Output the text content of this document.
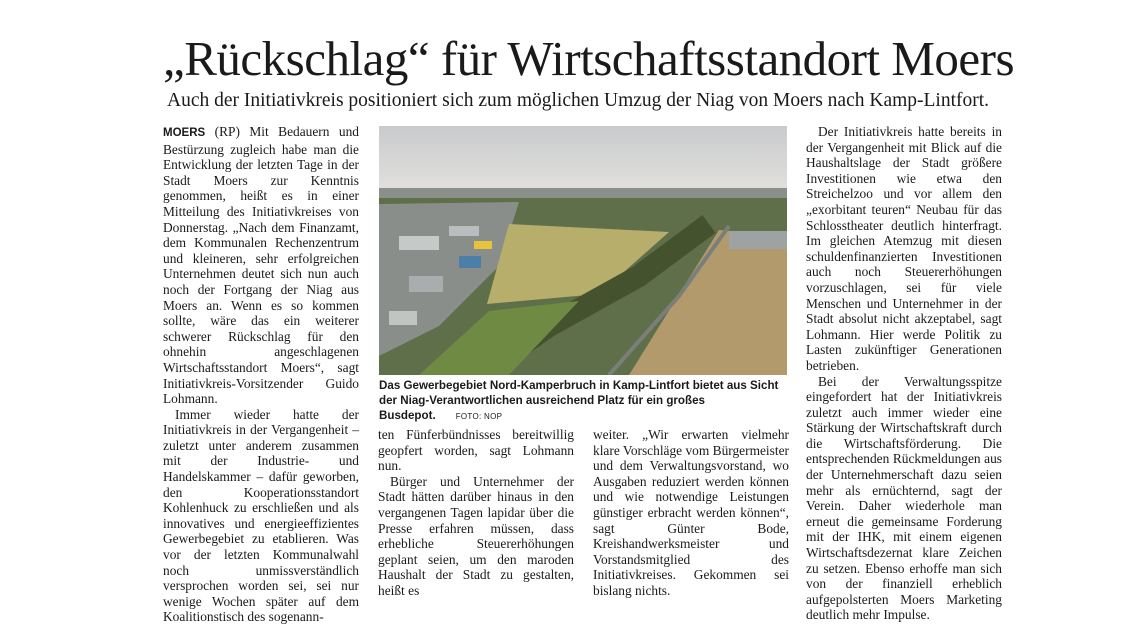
„Rückschlag“ für Wirtschaftsstandort Moers
Auch der Initiativkreis positioniert sich zum möglichen Umzug der Niag von Moers nach Kamp-Lintfort.

MOERS (RP) Mit Bedauern und Bestürzung zugleich habe man die Entwicklung der letzten Tage in der Stadt Moers zur Kenntnis genommen, heißt es in einer Mitteilung des Initiativkreises von Donnerstag. „Nach dem Finanzamt, dem Kommunalen Rechenzentrum und kleineren, sehr erfolgreichen Unternehmen deutet sich nun auch noch der Fortgang der Niag aus Moers an. Wenn es so kommen sollte, wäre das ein weiterer schwerer Rückschlag für den ohnehin angeschlagenen Wirtschaftsstandort Moers“, sagt Initiativkreis-Vorsitzender Guido Lohmann.

Immer wieder hatte der Initiativkreis in der Vergangenheit – zuletzt unter anderem zusammen mit der Industrie- und Handelskammer – dafür geworben, den Kooperationsstandort Kohlenhuck zu erschließen und als innovatives und energieeffizientes Gewerbegebiet zu etablieren. Was vor der letzten Kommunalwahl noch unmissverständlich versprochen worden sei, sei nur wenige Wochen später auf dem Koalitionstisch des sogenann-

Das Gewerbegebiet Nord-Kamperbruch in Kamp-Lintfort bietet aus Sicht der Niag-Verantwortlichen ausreichend Platz für ein großes Busdepot.	FOTO: NOP

ten Fünferbündnisses bereitwillig geopfert worden, sagt Lohmann nun.

Bürger und Unternehmer der Stadt hätten darüber hinaus in den vergangenen Tagen lapidar über die Presse erfahren müssen, dass erhebliche Steuererhöhungen geplant seien, um den maroden Haushalt der Stadt zu gestalten, heißt es

weiter. „Wir erwarten vielmehr klare Vorschläge vom Bürgermeister und dem Verwaltungsvorstand, wo Ausgaben reduziert werden können und wie notwendige Leistungen günstiger erbracht werden können“, sagt Günter Bode, Kreishandwerksmeister und Vorstandsmitglied des Initiativkreises. Gekommen sei bislang nichts.

Der Initiativkreis hatte bereits in der Vergangenheit mit Blick auf die Haushaltslage der Stadt größere Investitionen wie etwa den Streichelzoo und vor allem den „exorbitant teuren“ Neubau für das Schlosstheater deutlich hinterfragt. Im gleichen Atemzug mit diesen schuldenfinanzierten Investitionen auch noch Steuererhöhungen vorzuschlagen, sei für viele Menschen und Unternehmer in der Stadt absolut nicht akzeptabel, sagt Lohmann. Hier werde Politik zu Lasten zukünftiger Generationen betrieben.

Bei der Verwaltungsspitze eingefordert hat der Initiativkreis zuletzt auch immer wieder eine Stärkung der Wirtschaftskraft durch die Wirtschaftsförderung. Die entsprechenden Rückmeldungen aus der Unternehmerschaft dazu seien mehr als ernüchternd, sagt der Verein. Daher wiederhole man erneut die gemeinsame Forderung mit der IHK, mit einem eigenen Wirtschaftsdezernat klare Zeichen zu setzen. Ebenso erhoffe man sich von der finanziell erheblich aufgepolsterten Moers Marketing deutlich mehr Impulse.
